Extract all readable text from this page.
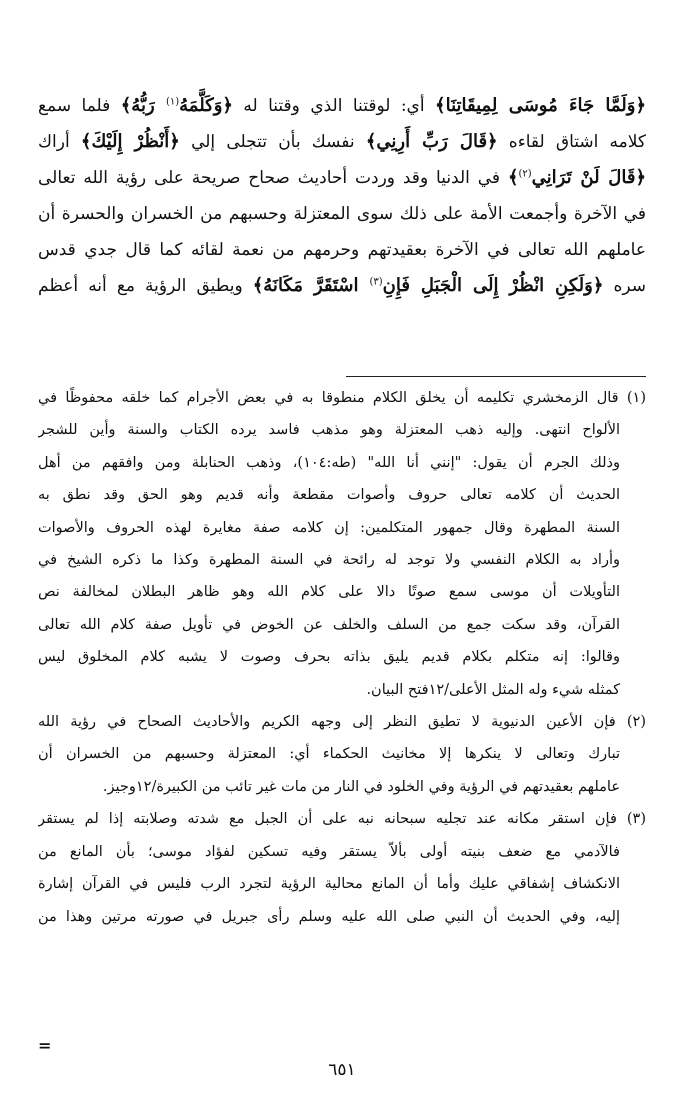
﴿وَلَمَّا جَاءَ مُوسَى لِمِيقَاتِنَا﴾ أي: لوقتنا الذي وقتنا له ﴿وَكَلَّمَهُ$^{(١)}$ رَبُّهُ﴾ فلما سمع
كلامه اشتاق لقاءه ﴿قَالَ رَبِّ أَرِنِي﴾ نفسك بأن تتجلى إلي ﴿أَنْظُرْ إِلَيْكَ﴾ أراك
﴿قَالَ لَنْ تَرَانِي$^{(٢)}$﴾ في الدنيا وقد وردت أحاديث صحاح صريحة على رؤية الله تعالى
في الآخرة وأجمعت الأمة على ذلك سوى المعتزلة وحسبهم من الخسران والحسرة أن
عاملهم الله تعالى في الآخرة بعقيدتهم وحرمهم من نعمة لقائه كما قال جدي قدس
سره ﴿وَلَكِنِ انْظُرْ إِلَى الْجَبَلِ فَإِنِ$^{(٣)}$ اسْتَقَرَّ مَكَانَهُ﴾ ويطيق الرؤية مع أنه أعظم
(١) قال الزمخشري تكليمه أن يخلق الكلام منطوقا به في بعض الأجرام كما خلقه محفوظًا في
الألواح انتهى. وإليه ذهب المعتزلة وهو مذهب فاسد يرده الكتاب والسنة وأين للشجر
وذلك الجرم أن يقول: "إنني أنا الله" (طه:١٠٤)، وذهب الحنابلة ومن وافقهم من أهل
الحديث أن كلامه تعالى حروف وأصوات مقطعة وأنه قديم وهو الحق وقد نطق به
السنة المطهرة وقال جمهور المتكلمين: إن كلامه صفة مغايرة لهذه الحروف والأصوات
وأراد به الكلام النفسي ولا توجد له رائحة في السنة المطهرة وكذا ما ذكره الشيخ في
التأويلات أن موسى سمع صوتًا دالا على كلام الله وهو ظاهر البطلان لمخالفة نص
القرآن، وقد سكت جمع من السلف والخلف عن الخوض في تأويل صفة كلام الله تعالى
وقالوا: إنه متكلم بكلام قديم يليق بذاته بحرف وصوت لا يشبه كلام المخلوق ليس
كمثله شيء وله المثل الأعلى/١٢فتح البيان.
(٢) فإن الأعين الدنيوية لا تطيق النظر إلى وجهه الكريم والأحاديث الصحاح في رؤية الله
تبارك وتعالى لا ينكرها إلا مخانيث الحكماء أي: المعتزلة وحسبهم من الخسران أن
عاملهم بعقيدتهم في الرؤية وفي الخلود في النار من مات غير تائب من الكبيرة/١٢وجيز.
(٣) فإن استقر مكانه عند تجليه سبحانه نبه على أن الجبل مع شدته وصلابته إذا لم يستقر
فالآدمي مع ضعف بنيته أولى بألاّ يستقر وفيه تسكين لفؤاد موسى؛ بأن المانع من
الانكشاف إشفاقي عليك وأما أن المانع محالية الرؤية لتجرد الرب فليس في القرآن إشارة
إليه، وفي الحديث أن النبي صلى الله عليه وسلم رأى جبريل في صورته مرتين وهذا من
=
٦٥١
